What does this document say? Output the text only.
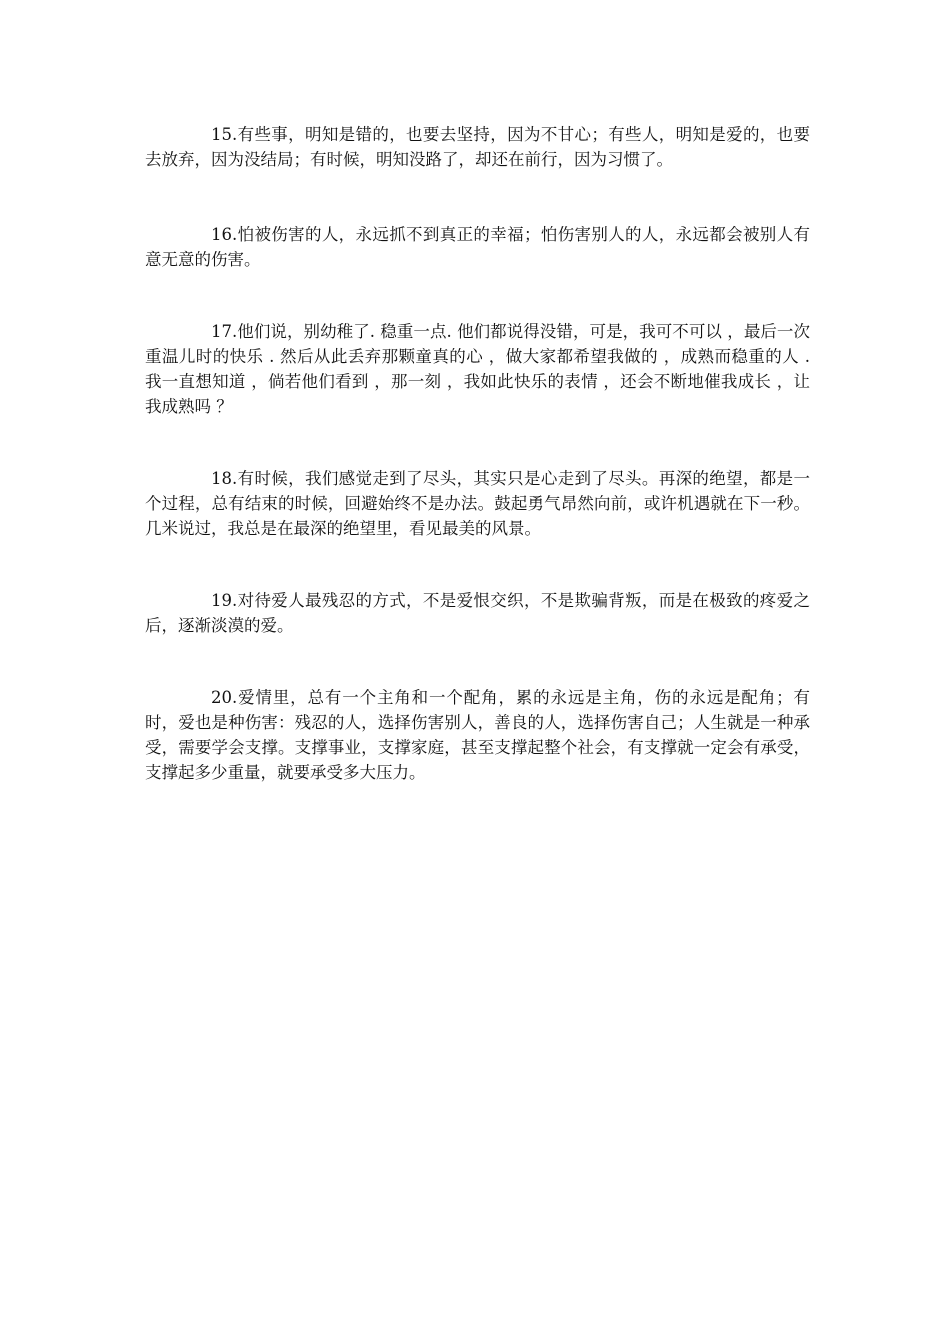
15.有些事，明知是错的，也要去坚持，因为不甘心；有些人，明知是爱的，也要去放弃，因为没结局；有时候，明知没路了，却还在前行，因为习惯了。

16.怕被伤害的人，永远抓不到真正的幸福；怕伤害别人的人，永远都会被别人有意无意的伤害。

17.他们说，别幼稚了. 稳重一点. 他们都说得没错，可是，我可不可以 ，最后一次重温儿时的快乐 . 然后从此丢弃那颗童真的心 ，做大家都希望我做的 ，成熟而稳重的人 . 我一直想知道 ，倘若他们看到 ，那一刻 ，我如此快乐的表情 ，还会不断地催我成长 ，让我成熟吗 ？

18.有时候，我们感觉走到了尽头，其实只是心走到了尽头。再深的绝望，都是一个过程，总有结束的时候，回避始终不是办法。鼓起勇气昂然向前，或许机遇就在下一秒。几米说过，我总是在最深的绝望里，看见最美的风景。

19.对待爱人最残忍的方式，不是爱恨交织，不是欺骗背叛，而是在极致的疼爱之后，逐渐淡漠的爱。

20.爱情里，总有一个主角和一个配角，累的永远是主角，伤的永远是配角；有时，爱也是种伤害：残忍的人，选择伤害别人，善良的人，选择伤害自己；人生就是一种承受，需要学会支撑。支撑事业，支撑家庭，甚至支撑起整个社会，有支撑就一定会有承受，支撑起多少重量，就要承受多大压力。
